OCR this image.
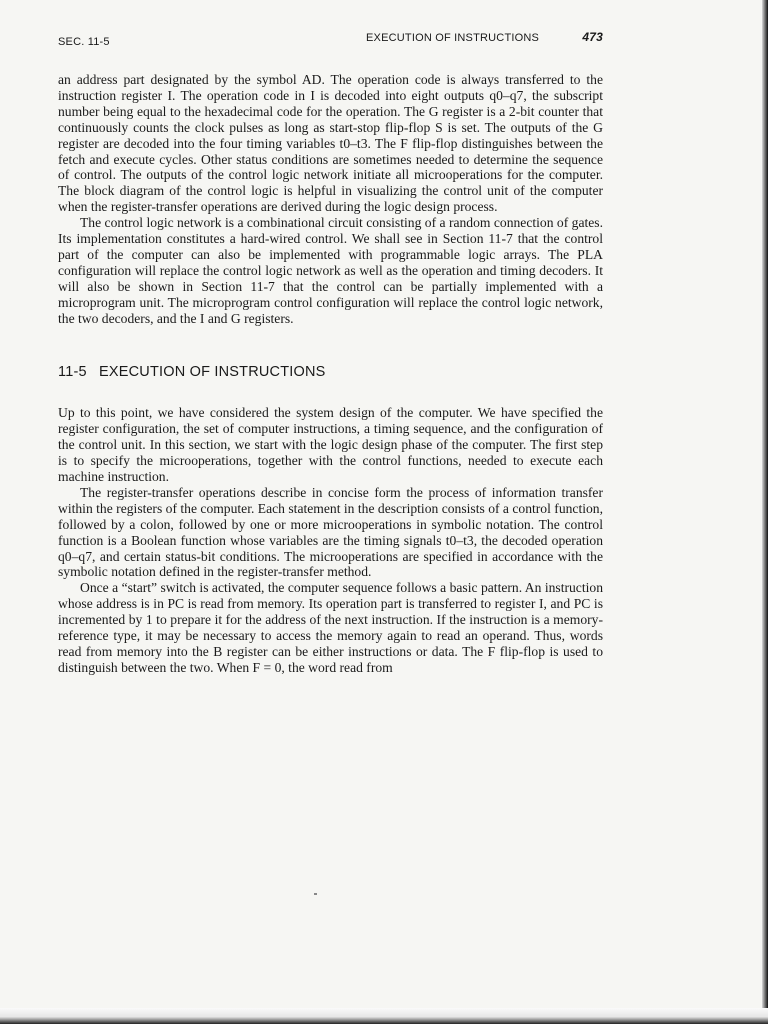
SEC. 11-5	EXECUTION OF INSTRUCTIONS	473

an address part designated by the symbol AD. The operation code is always transferred to the instruction register I. The operation code in I is decoded into eight outputs q0–q7, the subscript number being equal to the hexadecimal code for the operation. The G register is a 2-bit counter that continuously counts the clock pulses as long as start-stop flip-flop S is set. The outputs of the G register are decoded into the four timing variables t0–t3. The F flip-flop distinguishes between the fetch and execute cycles. Other status conditions are sometimes needed to determine the sequence of control. The outputs of the control logic network initiate all microoperations for the computer. The block diagram of the control logic is helpful in visualizing the control unit of the computer when the register-transfer operations are derived during the logic design process.

The control logic network is a combinational circuit consisting of a random connection of gates. Its implementation constitutes a hard-wired control. We shall see in Section 11-7 that the control part of the computer can also be implemented with programmable logic arrays. The PLA configuration will replace the control logic network as well as the operation and timing decoders. It will also be shown in Section 11-7 that the control can be partially implemented with a microprogram unit. The microprogram control configuration will replace the control logic network, the two decoders, and the I and G registers.

11-5 EXECUTION OF INSTRUCTIONS

Up to this point, we have considered the system design of the computer. We have specified the register configuration, the set of computer instructions, a timing sequence, and the configuration of the control unit. In this section, we start with the logic design phase of the computer. The first step is to specify the microoperations, together with the control functions, needed to execute each machine instruction.

The register-transfer operations describe in concise form the process of information transfer within the registers of the computer. Each statement in the description consists of a control function, followed by a colon, followed by one or more microoperations in symbolic notation. The control function is a Boolean function whose variables are the timing signals t0–t3, the decoded operation q0–q7, and certain status-bit conditions. The microoperations are specified in accordance with the symbolic notation defined in the register-transfer method.

Once a “start” switch is activated, the computer sequence follows a basic pattern. An instruction whose address is in PC is read from memory. Its operation part is transferred to register I, and PC is incremented by 1 to prepare it for the address of the next instruction. If the instruction is a memory-reference type, it may be necessary to access the memory again to read an operand. Thus, words read from memory into the B register can be either instructions or data. The F flip-flop is used to distinguish between the two. When F = 0, the word read from
